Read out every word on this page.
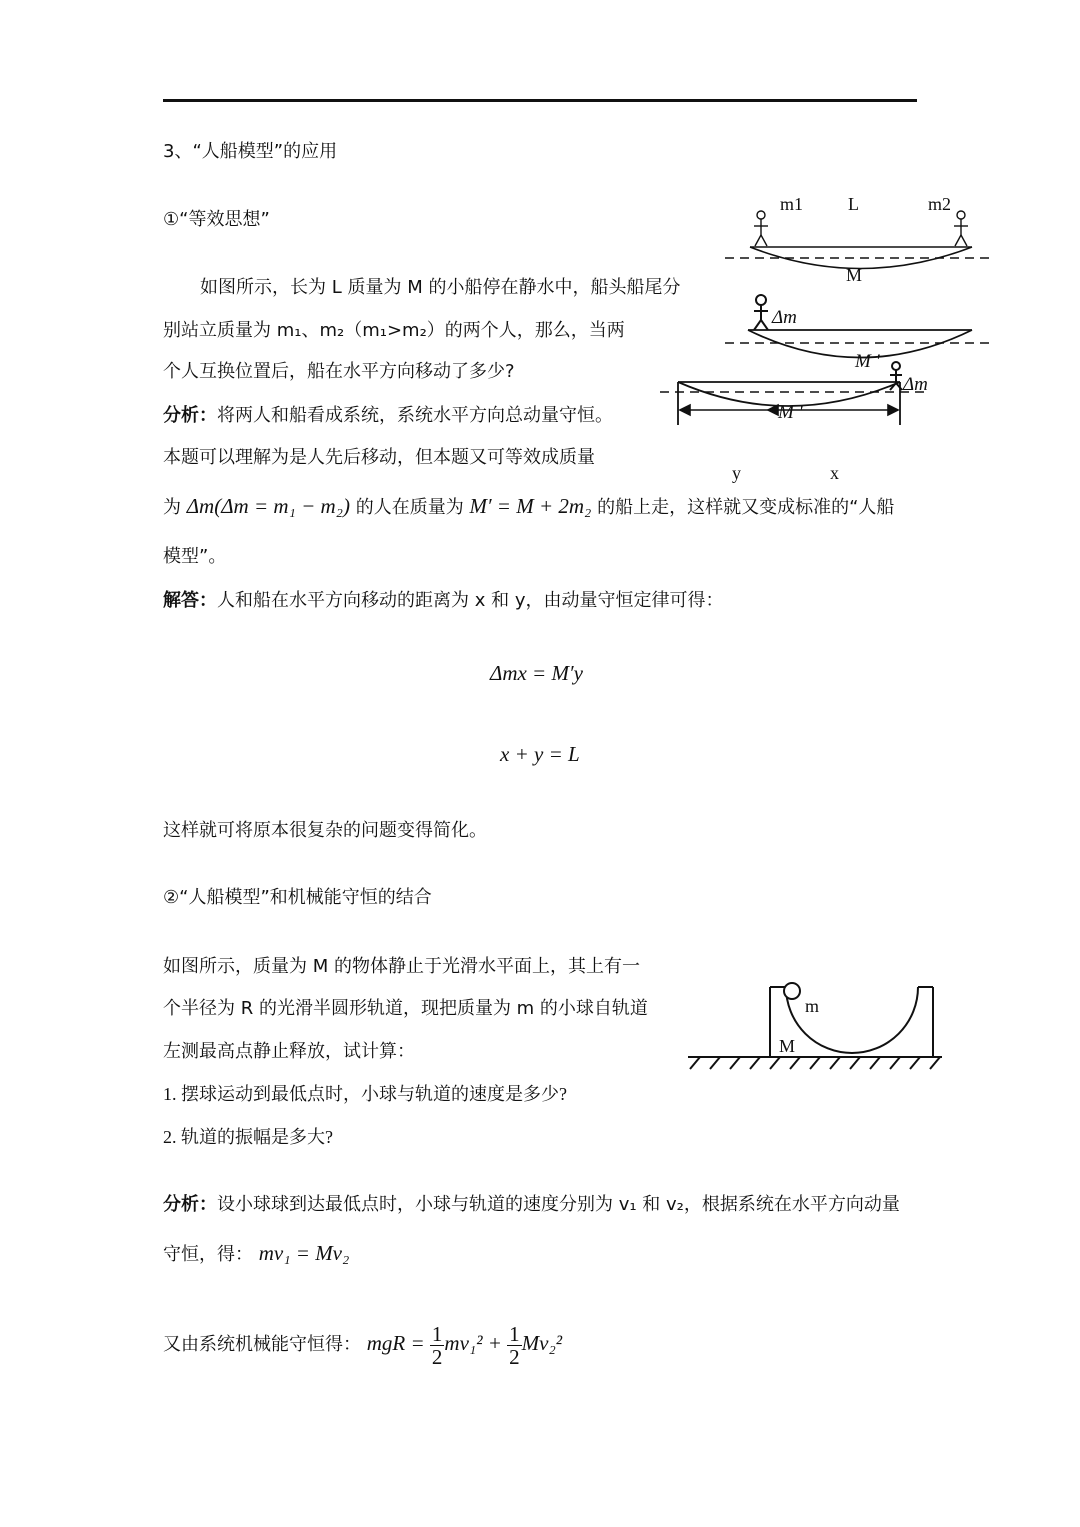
3、“人船模型”的应用
①“等效思想”
如图所示，长为 L 质量为 M 的小船停在静水中，船头船尾分
别站立质量为 m₁、m₂（m₁>m₂）的两个人，那么，当两
个人互换位置后，船在水平方向移动了多少?
分析：将两人和船看成系统，系统水平方向总动量守恒。
本题可以理解为是人先后移动，但本题又可等效成质量
为 Δm(Δm = m₁ − m₂) 的人在质量为 M′ = M + 2m₂ 的船上走，这样就又变成标准的“人船
模型”。
解答：人和船在水平方向移动的距离为 x 和 y，由动量守恒定律可得：
Δmx = M′y
x + y = L
这样就可将原本很复杂的问题变得简化。
②“人船模型”和机械能守恒的结合
如图所示，质量为 M 的物体静止于光滑水平面上，其上有一
个半径为 R 的光滑半圆形轨道，现把质量为 m 的小球自轨道
左测最高点静止释放，试计算：
1. 摆球运动到最低点时，小球与轨道的速度是多少?
2. 轨道的振幅是多大?
分析：设小球球到达最低点时，小球与轨道的速度分别为 v₁ 和 v₂，根据系统在水平方向动量
守恒，得： mv₁ = Mv₂
又由系统机械能守恒得： mgR = $\frac{1}{2} mv_1^2 + \frac{1}{2} Mv_2^2$
m1 L	m2
M
Δm
M '
Δm
M '
y	x
m
M
